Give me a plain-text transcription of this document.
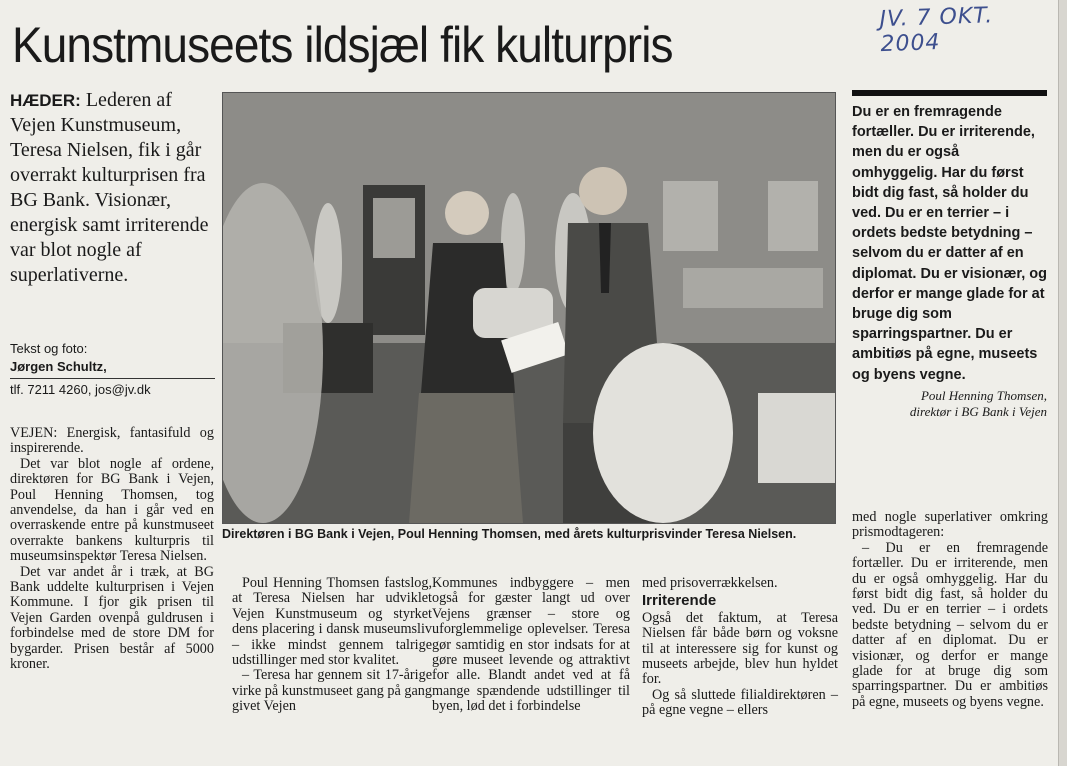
JV. 7 OKT. 2004
Kunstmuseets ildsjæl fik kulturpris
HÆDER: Lederen af Vejen Kunstmuseum, Teresa Nielsen, fik i går overrakt kulturprisen fra BG Bank. Visionær, energisk samt irriterende var blot nogle af superlativerne.
Tekst og foto:
Jørgen Schultz,
tlf. 7211 4260, jos@jv.dk

VEJEN: Energisk, fantasifuld og inspirerende.

Det var blot nogle af ordene, direktøren for BG Bank i Vejen, Poul Henning Thomsen, tog anvendelse, da han i går ved en overraskende entre på kunstmuseet overrakte bankens kulturpris til museumsinspektør Teresa Nielsen.

Det var andet år i træk, at BG Bank uddelte kulturprisen i Vejen Kommune. I fjor gik prisen til Vejen Garden ovenpå guldrusen i forbindelse med de store DM for bygarder. Prisen består af 5000 kroner.

Direktøren i BG Bank i Vejen, Poul Henning Thomsen, med årets kulturprisvinder Teresa Nielsen.
Du er en fremragende fortæller. Du er irriterende, men du er også omhyggelig. Har du først bidt dig fast, så holder du ved. Du er en terrier – i ordets bedste betydning – selvom du er datter af en diplomat. Du er visionær, og derfor er mange glade for at bruge dig som sparringspartner. Du er ambitiøs på egne, museets og byens vegne.
Poul Henning Thomsen,
direktør i BG Bank i Vejen

Poul Henning Thomsen fastslog, at Teresa Nielsen har udviklet Vejen Kunstmuseum og styrket dens placering i dansk museumsliv – ikke mindst gennem talrige udstillinger med stor kvalitet.

– Teresa har gennem sit 17-årige virke på kunstmuseet gang på gang givet Vejen

Kommunes indbyggere – men også for gæster langt ud over Vejens grænser – store og uforglemmelige oplevelser. Teresa gør samtidig en stor indsats for at gøre museet levende og attraktivt for alle. Blandt andet ved at få mange spændende udstillinger til byen, lød det i forbindelse

med prisoverrækkelsen.

Irriterende

Også det faktum, at Teresa Nielsen får både børn og voksne til at interessere sig for kunst og museets arbejde, blev hun hyldet for.

Og så sluttede filialdirektøren – på egne vegne – ellers

med nogle superlativer omkring prismodtageren:

– Du er en fremragende fortæller. Du er irriterende, men du er også omhyggelig. Har du først bidt dig fast, så holder du ved. Du er en terrier – i ordets bedste betydning – selvom du er datter af en diplomat. Du er visionær, og derfor er mange glade for at bruge dig som sparringspartner. Du er ambitiøs på egne, museets og byens vegne.
